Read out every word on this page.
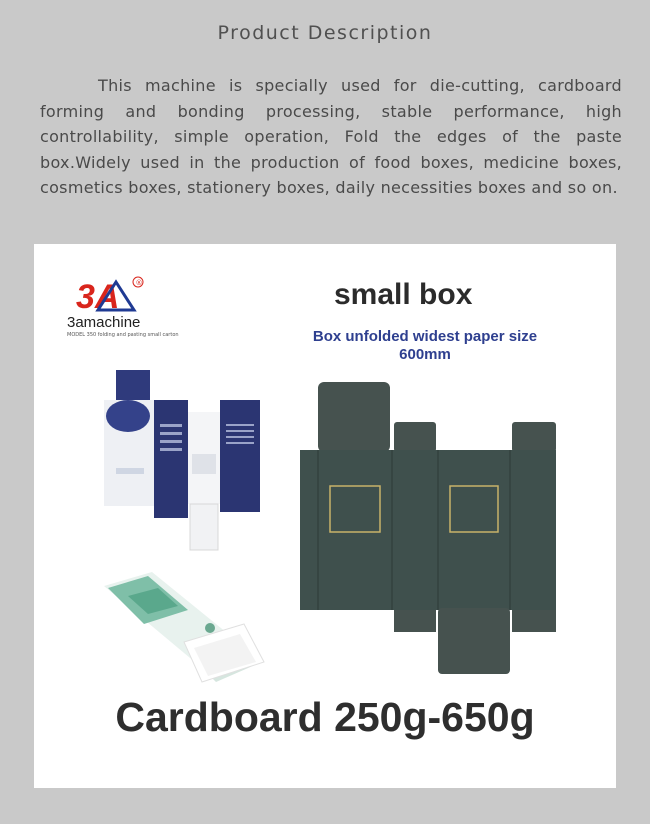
Product Description

This machine is specially used for die-cutting, cardboard forming and bonding processing, stable performance, high controllability, simple operation, Fold the edges of the paste box.Widely used in the production of food boxes, medicine boxes, cosmetics boxes, stationery boxes, daily necessities boxes and so on.

3A ®
3amachine
MODEL 350 folding and pasting small carton
small box
Box unfolded widest paper size
600mm
Cardboard 250g-650g
